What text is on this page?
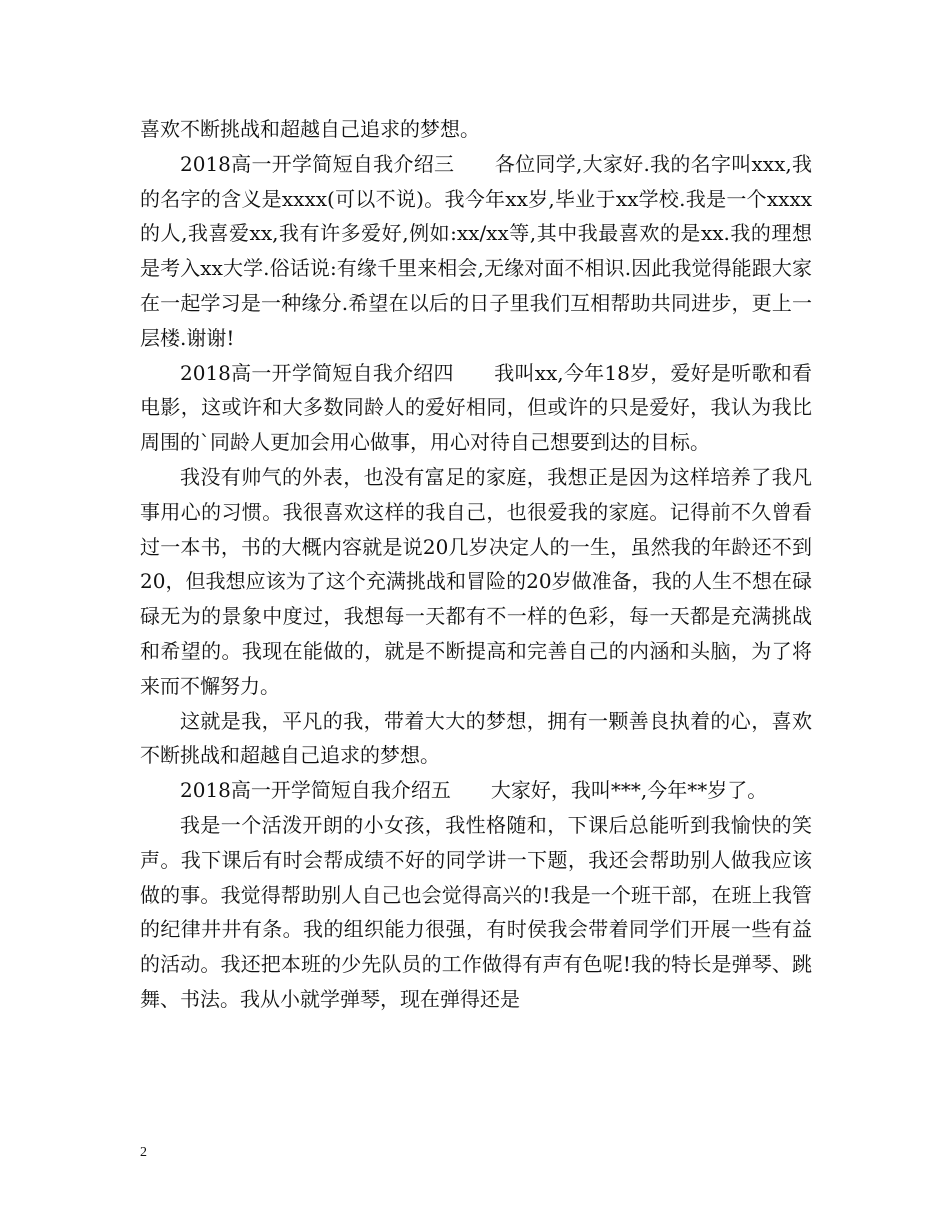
喜欢不断挑战和超越自己追求的梦想。

2018高一开学简短自我介绍三　　各位同学,大家好.我的名字叫xxx,我的名字的含义是xxxx(可以不说)。我今年xx岁,毕业于xx学校.我是一个xxxx的人,我喜爱xx,我有许多爱好,例如:xx/xx等,其中我最喜欢的是xx.我的理想是考入xx大学.俗话说:有缘千里来相会,无缘对面不相识.因此我觉得能跟大家在一起学习是一种缘分.希望在以后的日子里我们互相帮助共同进步，更上一层楼.谢谢!

2018高一开学简短自我介绍四　　我叫xx,今年18岁，爱好是听歌和看电影，这或许和大多数同龄人的爱好相同，但或许的只是爱好，我认为我比周围的`同龄人更加会用心做事，用心对待自己想要到达的目标。

我没有帅气的外表，也没有富足的家庭，我想正是因为这样培养了我凡事用心的习惯。我很喜欢这样的我自己，也很爱我的家庭。记得前不久曾看过一本书，书的大概内容就是说20几岁决定人的一生，虽然我的年龄还不到20，但我想应该为了这个充满挑战和冒险的20岁做准备，我的人生不想在碌碌无为的景象中度过，我想每一天都有不一样的色彩，每一天都是充满挑战和希望的。我现在能做的，就是不断提高和完善自己的内涵和头脑，为了将来而不懈努力。

这就是我，平凡的我，带着大大的梦想，拥有一颗善良执着的心，喜欢不断挑战和超越自己追求的梦想。

2018高一开学简短自我介绍五　　大家好，我叫***,今年**岁了。

我是一个活泼开朗的小女孩，我性格随和，下课后总能听到我愉快的笑声。我下课后有时会帮成绩不好的同学讲一下题，我还会帮助别人做我应该做的事。我觉得帮助别人自己也会觉得高兴的!我是一个班干部，在班上我管的纪律井井有条。我的组织能力很强，有时侯我会带着同学们开展一些有益的活动。我还把本班的少先队员的工作做得有声有色呢!我的特长是弹琴、跳舞、书法。我从小就学弹琴，现在弹得还是

2
